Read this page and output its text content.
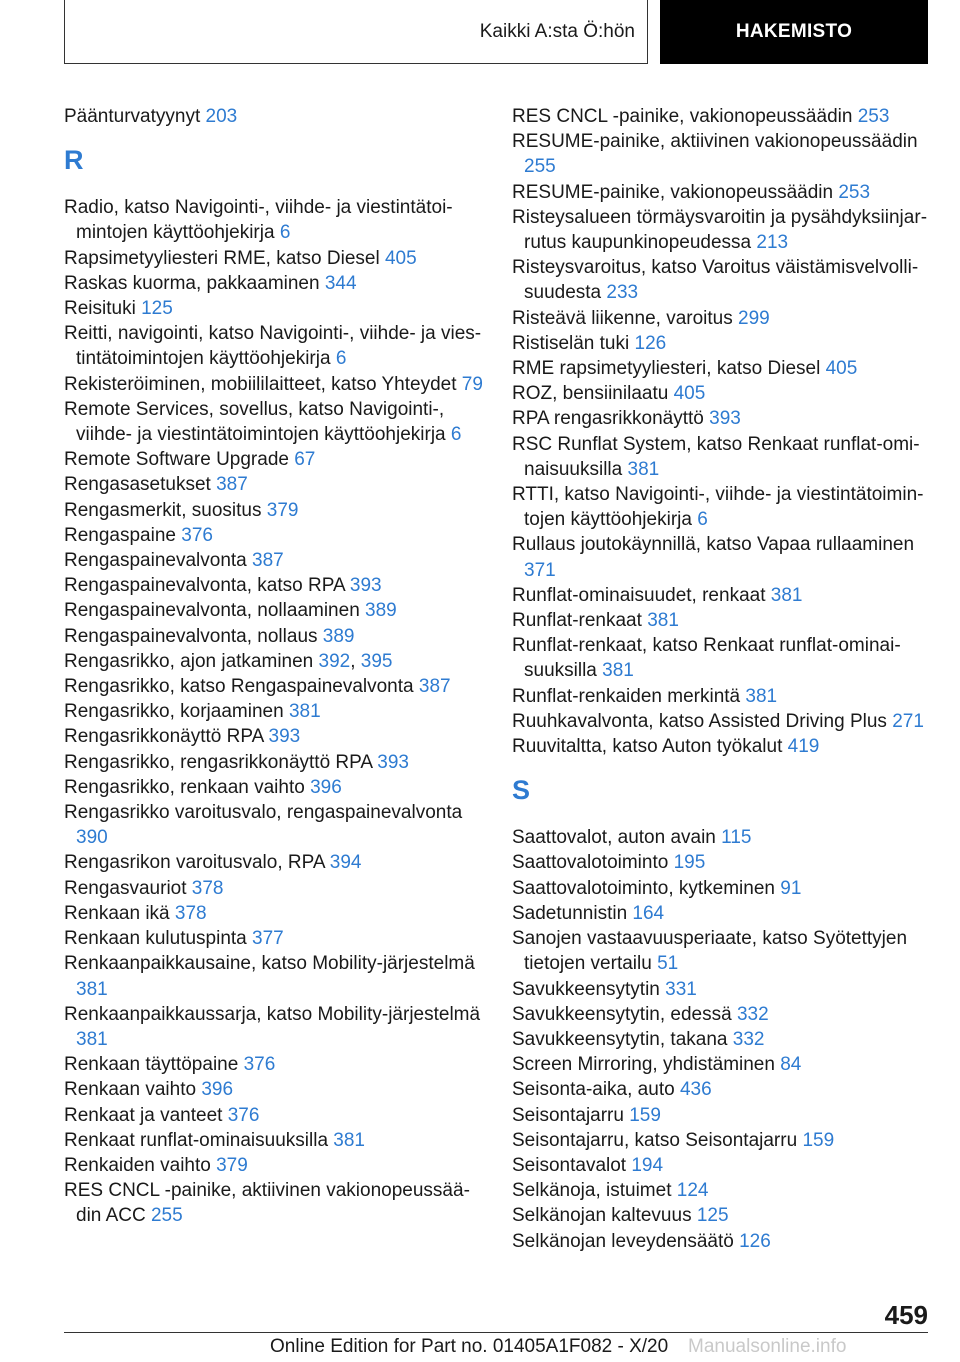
Kaikki A:sta Ö:hön	HAKEMISTO
Päänturvatyynyt 203
R
Radio, katso Navigointi-, viihde- ja viestintätoimintojen käyttöohjekirja 6
Rapsimetyyliesteri RME, katso Diesel 405
Raskas kuorma, pakkaaminen 344
Reisituki 125
Reitti, navigointi, katso Navigointi-, viihde- ja viestintätoimintojen käyttöohjekirja 6
Rekisteröiminen, mobiililaitteet, katso Yhteydet 79
Remote Services, sovellus, katso Navigointi-, viihde- ja viestintätoimintojen käyttöohjekirja 6
Remote Software Upgrade 67
Rengasasetukset 387
Rengasmerkit, suositus 379
Rengaspaine 376
Rengaspainevalvonta 387
Rengaspainevalvonta, katso RPA 393
Rengaspainevalvonta, nollaaminen 389
Rengaspainevalvonta, nollaus 389
Rengasrikko, ajon jatkaminen 392, 395
Rengasrikko, katso Rengaspainevalvonta 387
Rengasrikko, korjaaminen 381
Rengasrikkonäyttö RPA 393
Rengasrikko, rengasrikkonäyttö RPA 393
Rengasrikko, renkaan vaihto 396
Rengasrikko varoitusvalo, rengaspainevalvonta 390
Rengasrikon varoitusvalo, RPA 394
Rengasvauriot 378
Renkaan ikä 378
Renkaan kulutuspinta 377
Renkaanpaikkausaine, katso Mobility-järjestelmä 381
Renkaanpaikkaussarja, katso Mobility-järjestelmä 381
Renkaan täyttöpaine 376
Renkaan vaihto 396
Renkaat ja vanteet 376
Renkaat runflat-ominaisuuksilla 381
Renkaiden vaihto 379
RES CNCL -painike, aktiivinen vakionopeussäädin ACC 255
RES CNCL -painike, vakionopeussäädin 253
RESUME-painike, aktiivinen vakionopeussäädin 255
RESUME-painike, vakionopeussäädin 253
Risteysalueen törmäysvaroitin ja pysähdyksiinjarrutus kaupunkinopeudessa 213
Risteysvaroitus, katso Varoitus väistämisvelvollisuudesta 233
Risteävä liikenne, varoitus 299
Ristiselän tuki 126
RME rapsimetyyliesteri, katso Diesel 405
ROZ, bensiinilaatu 405
RPA rengasrikkonäyttö 393
RSC Runflat System, katso Renkaat runflat-ominaisuuksilla 381
RTTI, katso Navigointi-, viihde- ja viestintätoimintojen käyttöohjekirja 6
Rullaus joutokäynnillä, katso Vapaa rullaaminen 371
Runflat-ominaisuudet, renkaat 381
Runflat-renkaat 381
Runflat-renkaat, katso Renkaat runflat-ominaisuuksilla 381
Runflat-renkaiden merkintä 381
Ruuhkavalvonta, katso Assisted Driving Plus 271
Ruuvitaltta, katso Auton työkalut 419
S
Saattovalot, auton avain 115
Saattovalotoiminto 195
Saattovalotoiminto, kytkeminen 91
Sadetunnistin 164
Sanojen vastaavuusperiaate, katso Syötettyjen tietojen vertailu 51
Savukkeensytytin 331
Savukkeensytytin, edessä 332
Savukkeensytytin, takana 332
Screen Mirroring, yhdistäminen 84
Seisonta-aika, auto 436
Seisontajarru 159
Seisontajarru, katso Seisontajarru 159
Seisontavalot 194
Selkänoja, istuimet 124
Selkänojan kaltevuus 125
Selkänojan leveydensäätö 126
459
Online Edition for Part no. 01405A1F082 - X/20 Manualsonline.info
